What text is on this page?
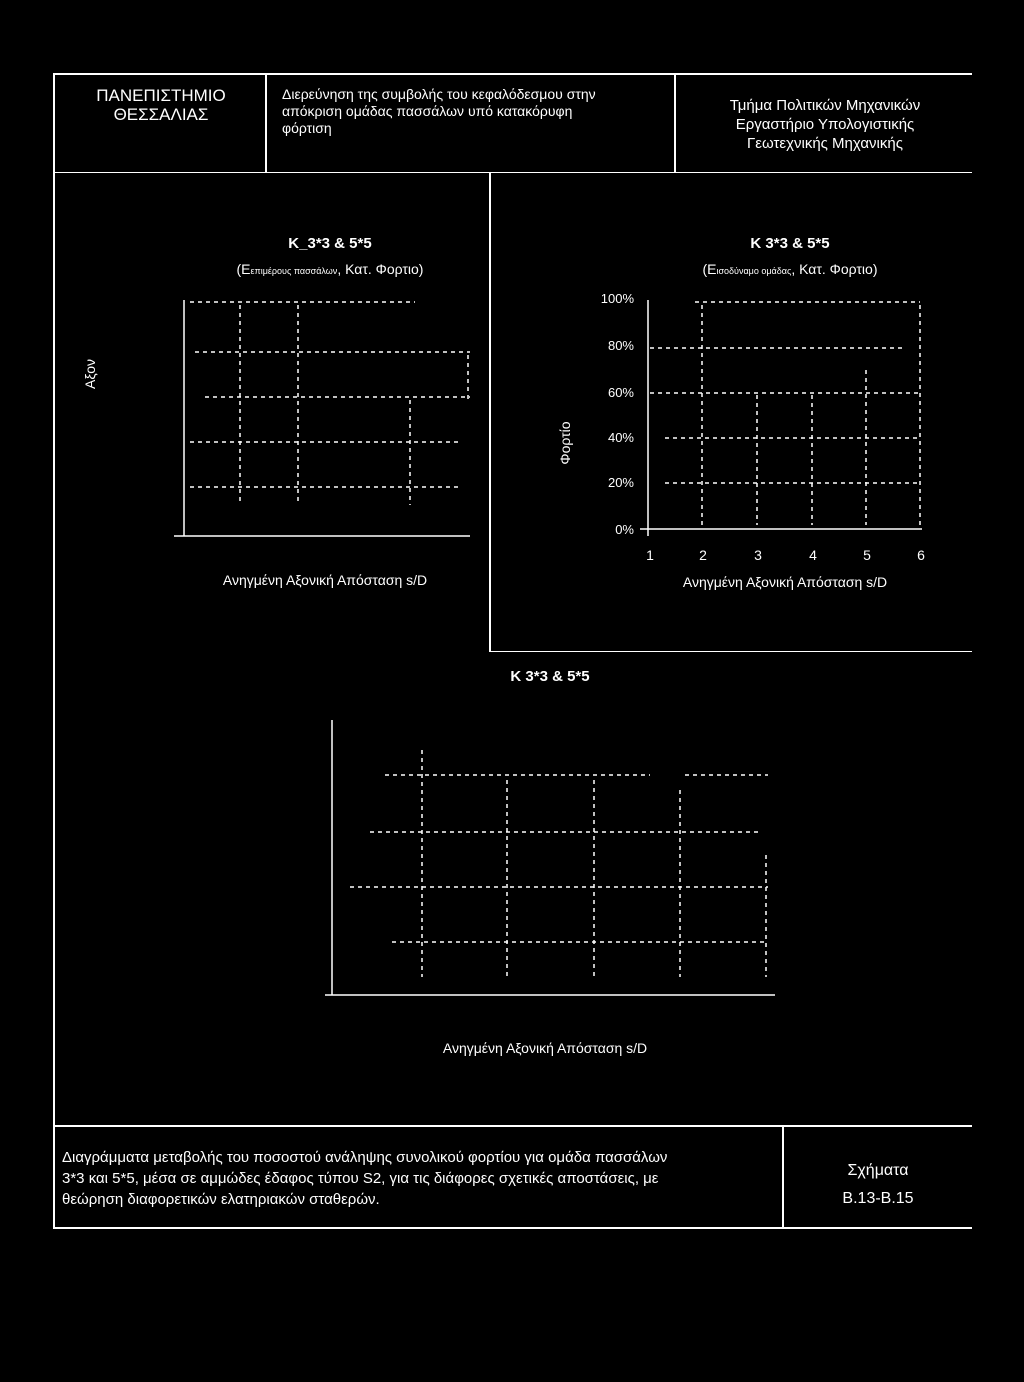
ΠΑΝΕΠΙΣΤΗΜΙΟ
ΘΕΣΣΑΛΙΑΣ
Διερεύνηση της συμβολής του κεφαλόδεσμου στην
απόκριση ομάδας πασσάλων υπό κατακόρυφη
φόρτιση
Τμήμα Πολιτικών Μηχανικών
Εργαστήριο Υπολογιστικής
Γεωτεχνικής Μηχανικής
K_3*3 & 5*5
(Eεπιμέρους πασσάλων, Κατ. Φορτιο)
Αξον
Ανηγμένη Αξονική Απόσταση s/D
K 3*3 & 5*5
(Eισοδύναμο ομάδας, Κατ. Φορτιο)
Φορτίο
100%
80%
60%
40%
20%
0%
1	2	3	4	5	6
Ανηγμένη Αξονική Απόσταση s/D
K 3*3 & 5*5
Ανηγμένη Αξονική Απόσταση s/D
Διαγράμματα μεταβολής του ποσοστού ανάληψης συνολικού φορτίου για ομάδα πασσάλων
3*3 και 5*5, μέσα σε αμμώδες έδαφος τύπου S2, για τις διάφορες σχετικές αποστάσεις, με
θεώρηση διαφορετικών ελατηριακών σταθερών.
Σχήματα
B.13-B.15
